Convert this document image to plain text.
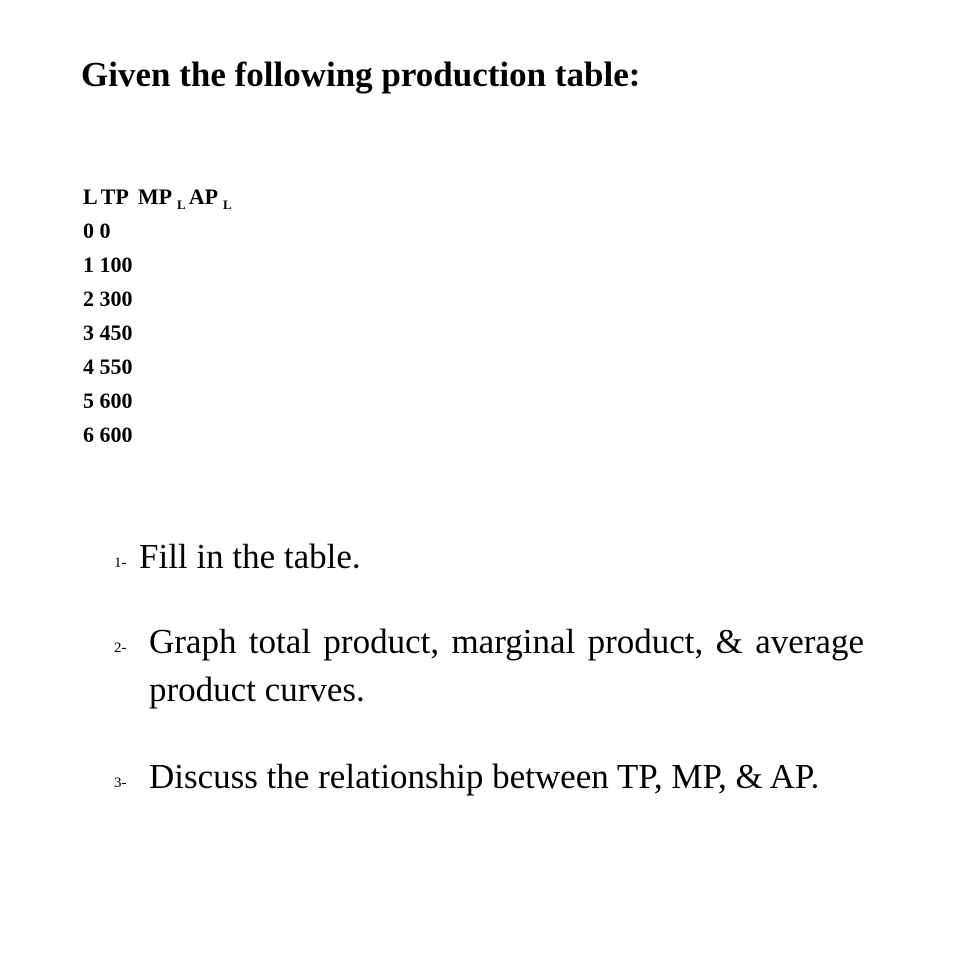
Given the following production table:
L TP MP $_L$ AP $_L$
0 0
1 100
2 300
3 450
4 550
5 600
6 600
1- Fill in the table.
2- Graph total product, marginal product, & average product curves.
3- Discuss the relationship between TP, MP, & AP.
